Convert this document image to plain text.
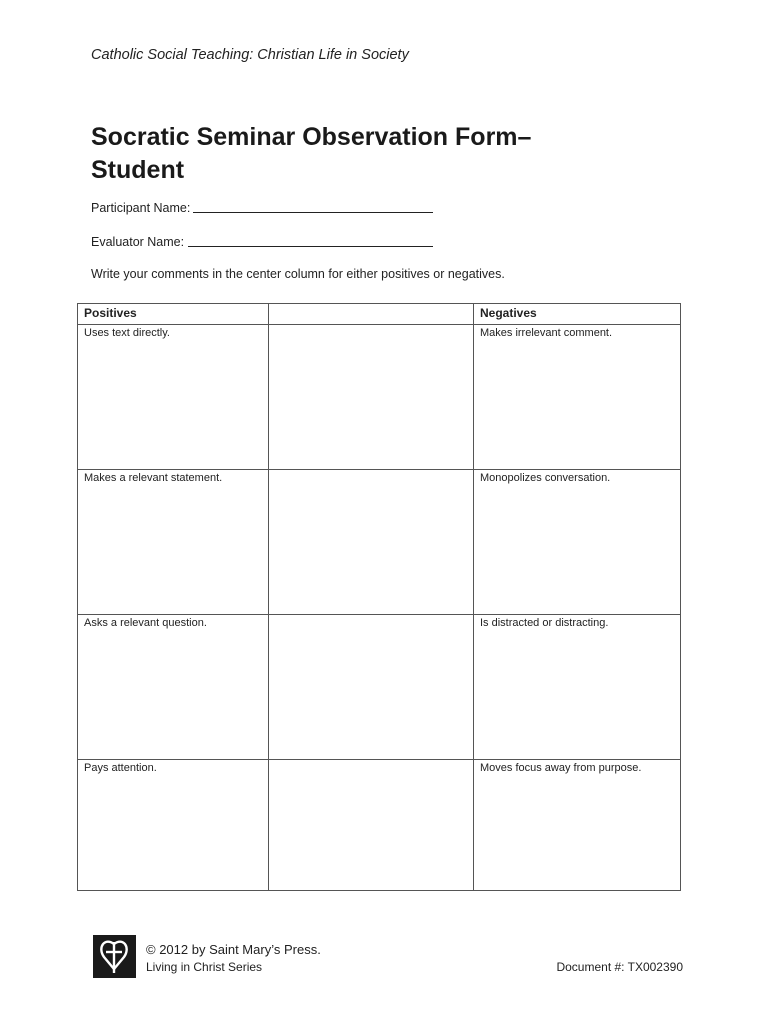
Catholic Social Teaching: Christian Life in Society
Socratic Seminar Observation Form–
Student
Participant Name:
Evaluator Name:
Write your comments in the center column for either positives or negatives.
Positives		Negatives
Uses text directly.		Makes irrelevant comment.
Makes a relevant statement.		Monopolizes conversation.
Asks a relevant question.		Is distracted or distracting.
Pays attention.		Moves focus away from purpose.
© 2012 by Saint Mary’s Press.
Living in Christ Series	Document #: TX002390
